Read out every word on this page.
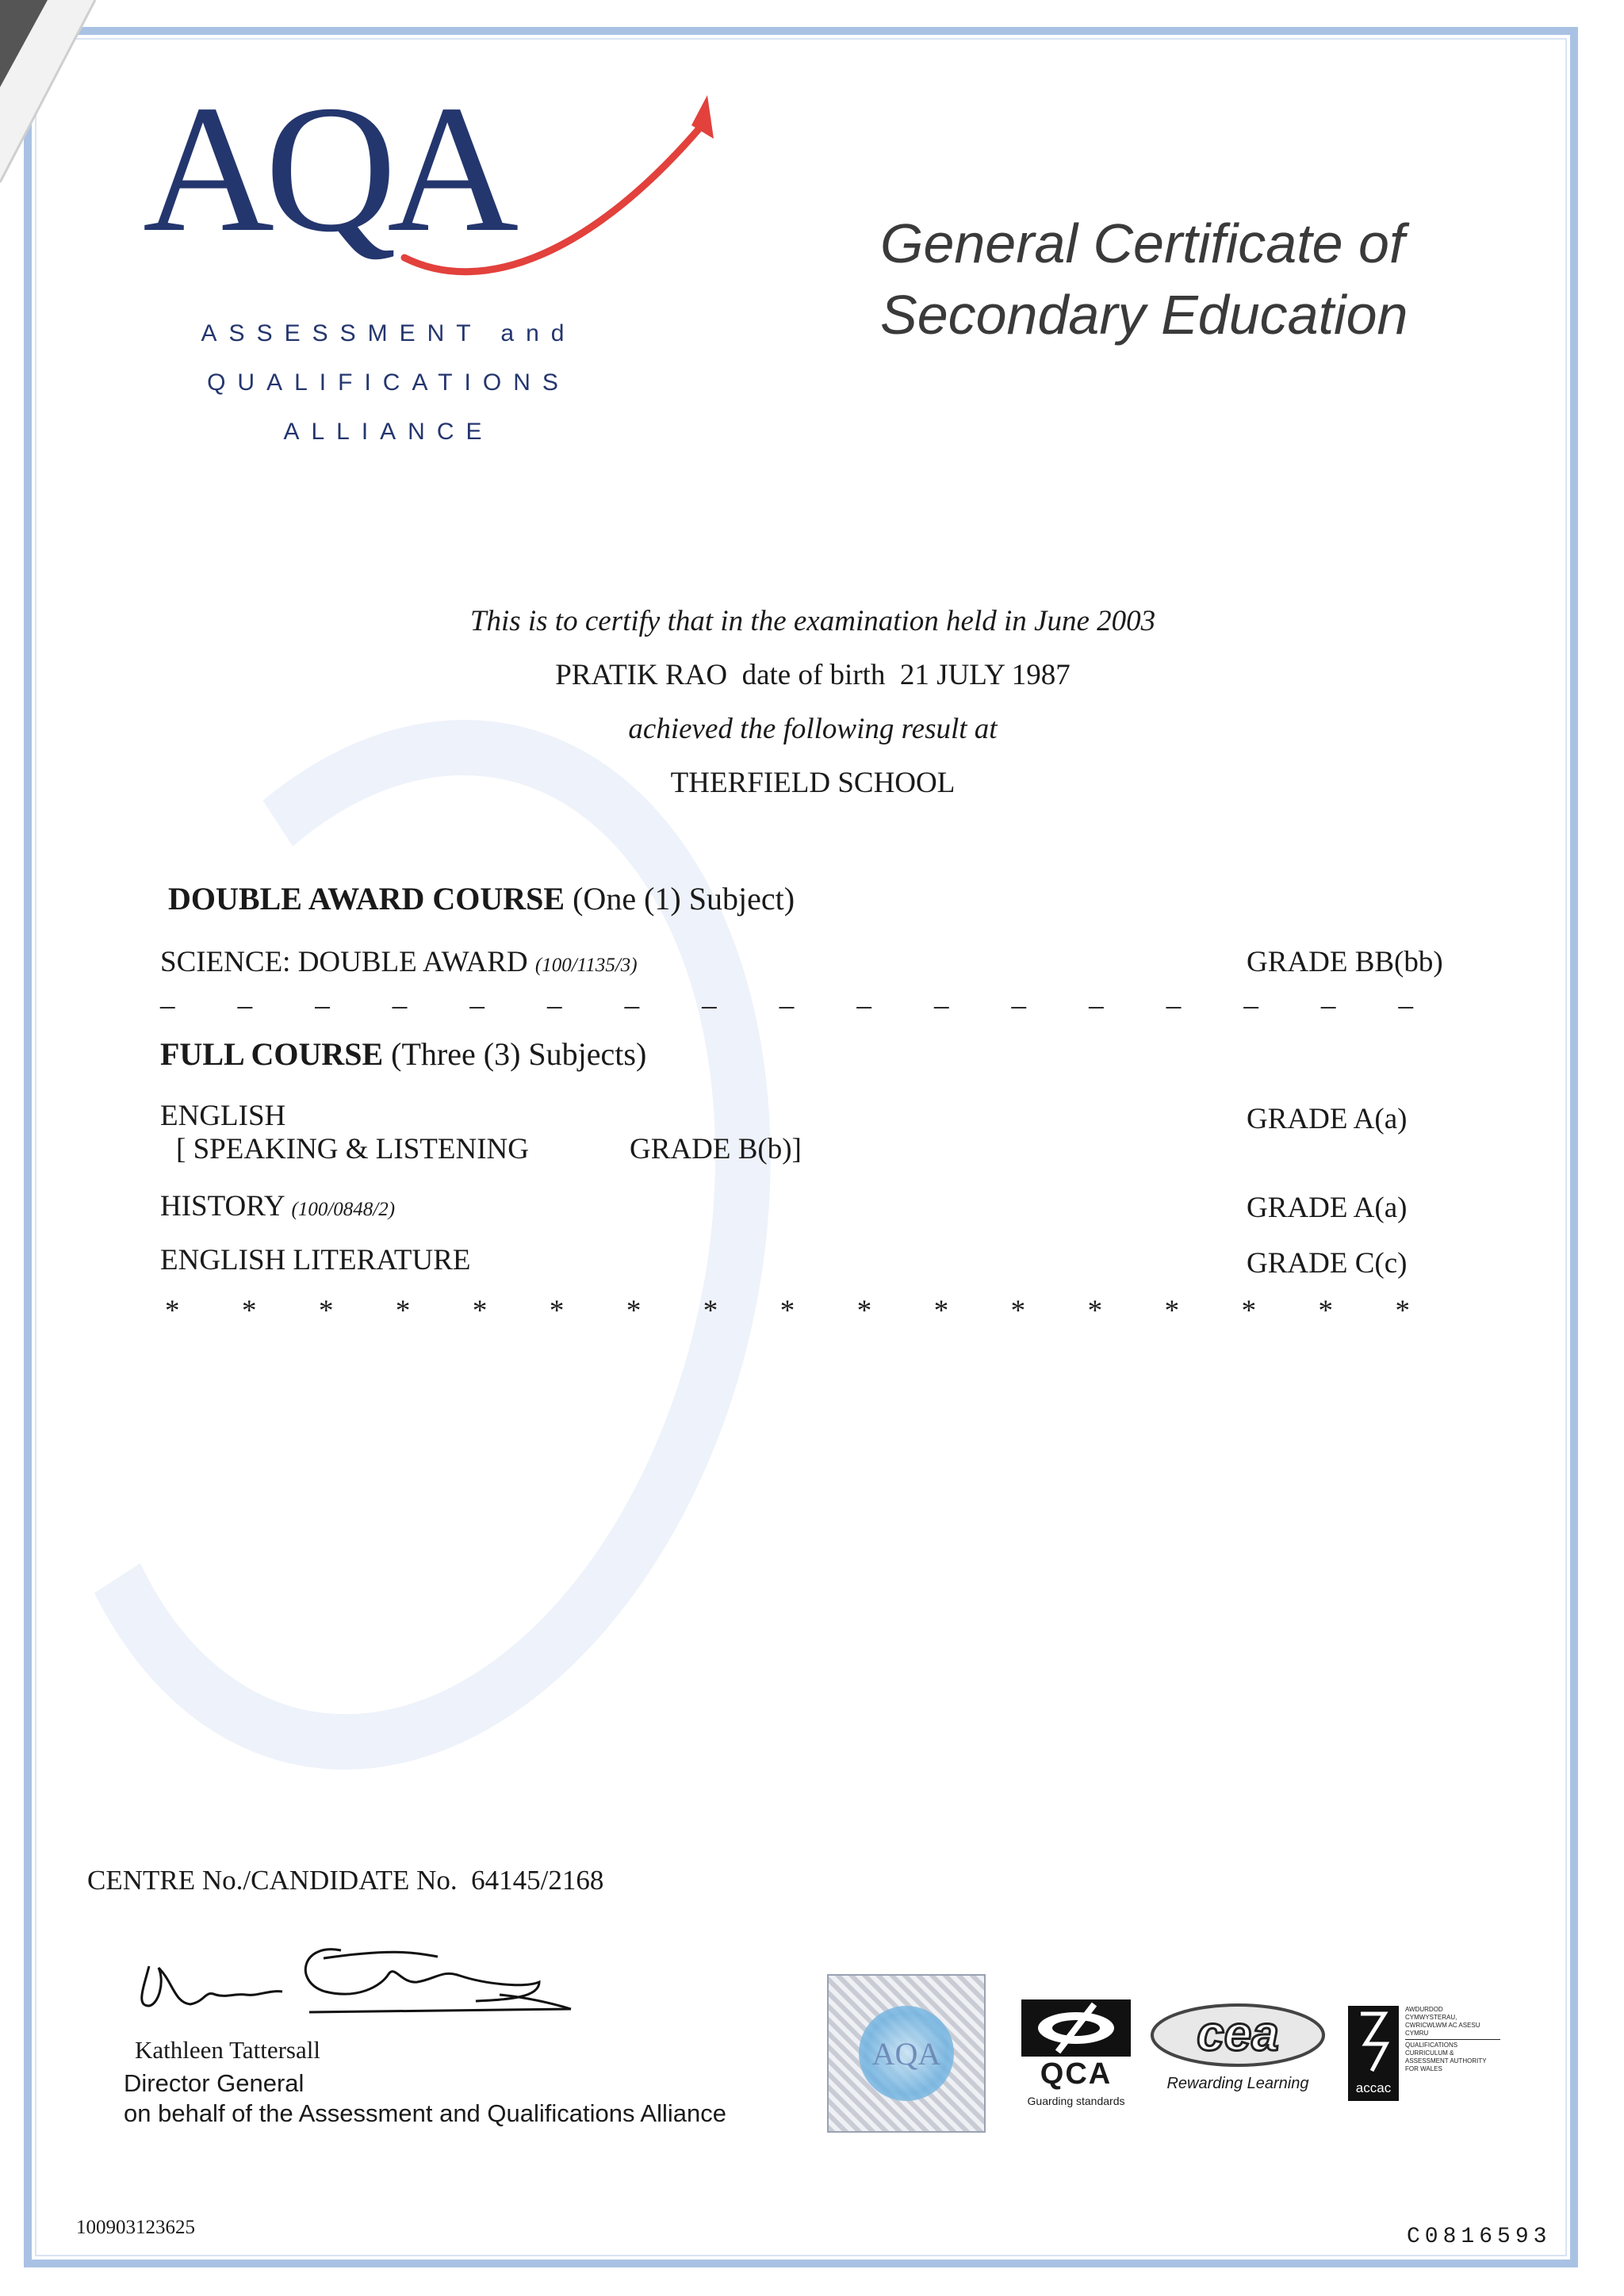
AQA
ASSESSMENT and
QUALIFICATIONS
ALLIANCE
General Certificate of
Secondary Education
This is to certify that in the examination held in June 2003
PRATIK RAO date of birth 21 JULY 1987
achieved the following result at
THERFIELD SCHOOL
DOUBLE AWARD COURSE (One (1) Subject)
SCIENCE: DOUBLE AWARD (100/1135/3)	GRADE BB(bb)
_ _ _ _ _ _ _ _ _ _ _ _ _ _ _ _ _
FULL COURSE (Three (3) Subjects)
ENGLISH	GRADE A(a)
[ SPEAKING & LISTENING	GRADE B(b)]
HISTORY (100/0848/2)	GRADE A(a)
ENGLISH LITERATURE	GRADE C(c)
* * * * * * * * * * * * * * * * *
CENTRE No./CANDIDATE No. 64145/2168
Kathleen Tattersall
Director General
on behalf of the Assessment and Qualifications Alliance
AQA
QCA
Guarding standards
cea
Rewarding Learning	accac
AWDURDOD
CYMWYSTERAU,
CWRICWLWM AC ASESU
CYMRU
QUALIFICATIONS
CURRICULUM &
ASSESSMENT AUTHORITY
FOR WALES
100903123625	C0816593
